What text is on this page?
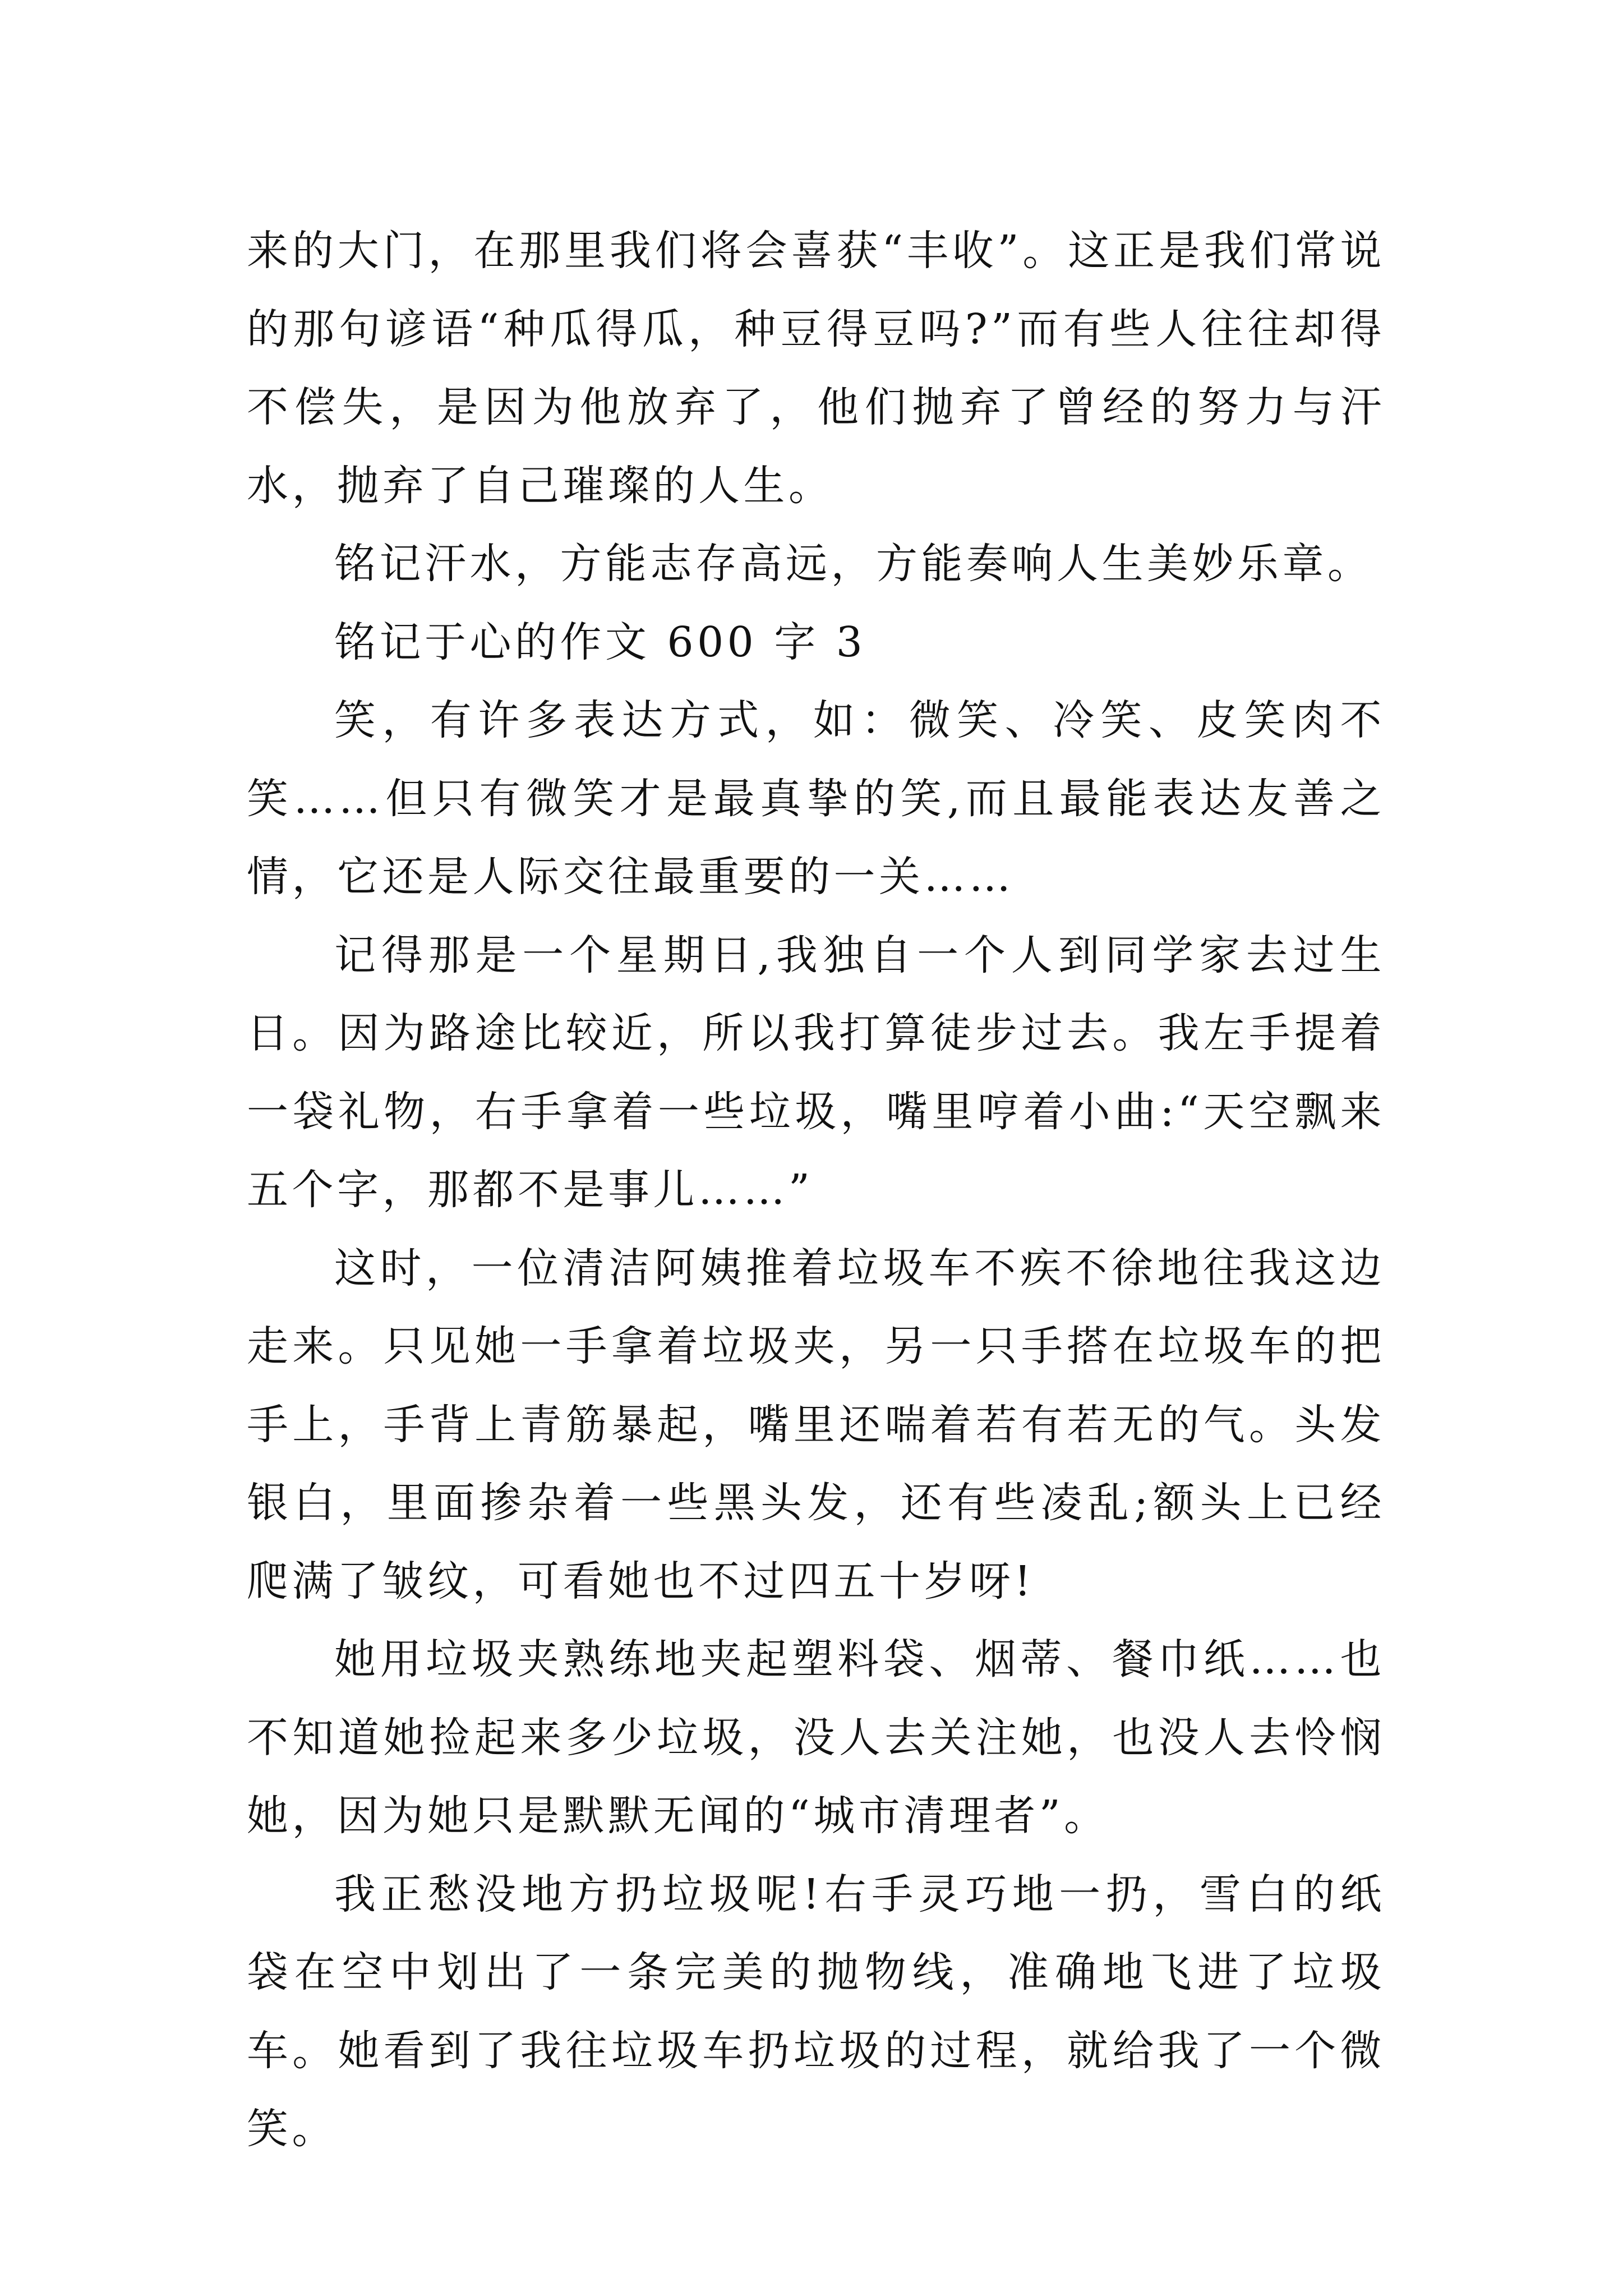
来的大门，在那里我们将会喜获“丰收”。这正是我们常说的那句谚语“种瓜得瓜，种豆得豆吗?”而有些人往往却得不偿失，是因为他放弃了，他们抛弃了曾经的努力与汗水，抛弃了自己璀璨的人生。

铭记汗水，方能志存高远，方能奏响人生美妙乐章。

铭记于心的作文 600 字 3

笑，有许多表达方式，如：微笑、冷笑、皮笑肉不笑……但只有微笑才是最真挚的笑,而且最能表达友善之情，它还是人际交往最重要的一关……

记得那是一个星期日,我独自一个人到同学家去过生日。因为路途比较近，所以我打算徒步过去。我左手提着一袋礼物，右手拿着一些垃圾，嘴里哼着小曲:“天空飘来五个字，那都不是事儿……”

这时，一位清洁阿姨推着垃圾车不疾不徐地往我这边走来。只见她一手拿着垃圾夹，另一只手搭在垃圾车的把手上，手背上青筋暴起，嘴里还喘着若有若无的气。头发银白，里面掺杂着一些黑头发，还有些凌乱;额头上已经爬满了皱纹，可看她也不过四五十岁呀!

她用垃圾夹熟练地夹起塑料袋、烟蒂、餐巾纸……也不知道她捡起来多少垃圾，没人去关注她，也没人去怜悯她，因为她只是默默无闻的“城市清理者”。

我正愁没地方扔垃圾呢!右手灵巧地一扔，雪白的纸袋在空中划出了一条完美的抛物线，准确地飞进了垃圾车。她看到了我往垃圾车扔垃圾的过程，就给我了一个微笑。
